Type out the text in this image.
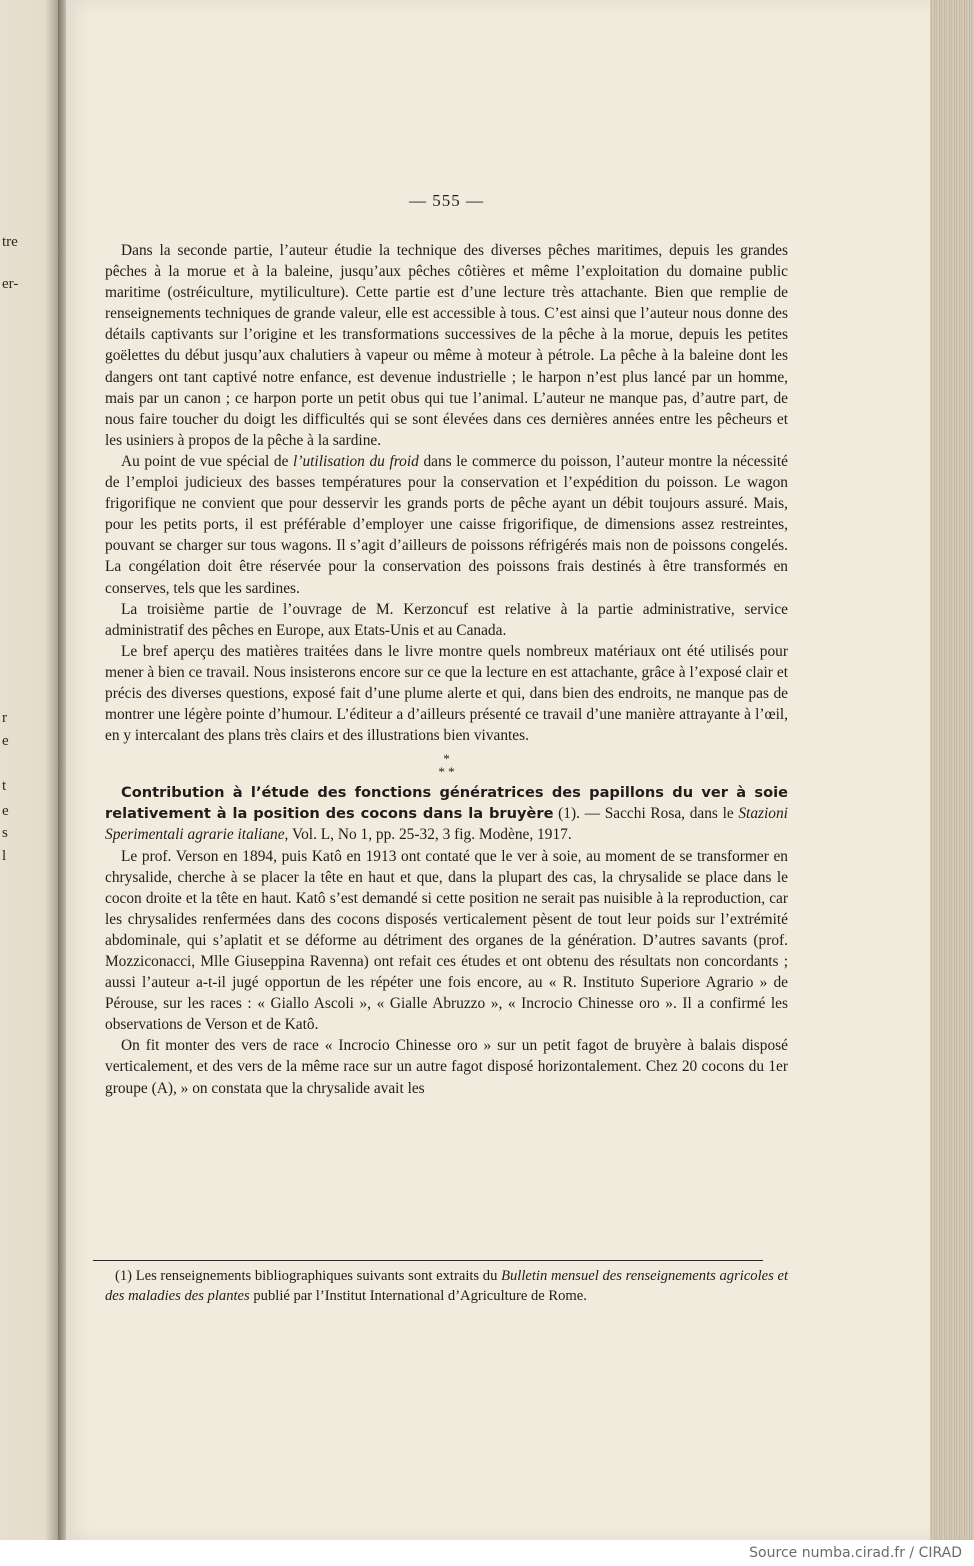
tre
er-
r
e
t
e
s
l
— 555 —

Dans la seconde partie, l’auteur étudie la technique des diverses pêches maritimes, depuis les grandes pêches à la morue et à la baleine, jusqu’aux pêches côtières et même l’exploitation du domaine public maritime (ostréiculture, mytiliculture). Cette partie est d’une lecture très attachante. Bien que remplie de renseignements techniques de grande valeur, elle est accessible à tous. C’est ainsi que l’auteur nous donne des détails captivants sur l’origine et les transformations successives de la pêche à la morue, depuis les petites goëlettes du début jusqu’aux chalutiers à vapeur ou même à moteur à pétrole. La pêche à la baleine dont les dangers ont tant captivé notre enfance, est devenue industrielle ; le harpon n’est plus lancé par un homme, mais par un canon ; ce harpon porte un petit obus qui tue l’animal. L’auteur ne manque pas, d’autre part, de nous faire toucher du doigt les difficultés qui se sont élevées dans ces dernières années entre les pêcheurs et les usiniers à propos de la pêche à la sardine.

Au point de vue spécial de l’utilisation du froid dans le commerce du poisson, l’auteur montre la nécessité de l’emploi judicieux des basses températures pour la conservation et l’expédition du poisson. Le wagon frigorifique ne convient que pour desservir les grands ports de pêche ayant un débit toujours assuré. Mais, pour les petits ports, il est préférable d’employer une caisse frigorifique, de dimensions assez restreintes, pouvant se charger sur tous wagons. Il s’agit d’ailleurs de poissons réfrigérés mais non de poissons congelés. La congélation doit être réservée pour la conservation des poissons frais destinés à être transformés en conserves, tels que les sardines.

La troisième partie de l’ouvrage de M. Kerzoncuf est relative à la partie administrative, service administratif des pêches en Europe, aux Etats-Unis et au Canada.

Le bref aperçu des matières traitées dans le livre montre quels nombreux matériaux ont été utilisés pour mener à bien ce travail. Nous insisterons encore sur ce que la lecture en est attachante, grâce à l’exposé clair et précis des diverses questions, exposé fait d’une plume alerte et qui, dans bien des endroits, ne manque pas de montrer une légère pointe d’humour. L’éditeur a d’ailleurs présenté ce travail d’une manière attrayante à l’œil, en y intercalant des plans très clairs et des illustrations bien vivantes.

*
* *

Contribution à l’étude des fonctions génératrices des papillons du ver à soie relativement à la position des cocons dans la bruyère (1). — Sacchi Rosa, dans le Stazioni Sperimentali agrarie italiane, Vol. L, No 1, pp. 25-32, 3 fig. Modène, 1917.

Le prof. Verson en 1894, puis Katô en 1913 ont contaté que le ver à soie, au moment de se transformer en chrysalide, cherche à se placer la tête en haut et que, dans la plupart des cas, la chrysalide se place dans le cocon droite et la tête en haut. Katô s’est demandé si cette position ne serait pas nuisible à la reproduction, car les chrysalides renfermées dans des cocons disposés verticalement pèsent de tout leur poids sur l’extrémité abdominale, qui s’aplatit et se déforme au détriment des organes de la génération. D’autres savants (prof. Mozziconacci, Mlle Giuseppina Ravenna) ont refait ces études et ont obtenu des résultats non concordants ; aussi l’auteur a-t-il jugé opportun de les répéter une fois encore, au « R. Instituto Superiore Agrario » de Pérouse, sur les races : « Giallo Ascoli », « Gialle Abruzzo », « Incrocio Chinesse oro ». Il a confirmé les observations de Verson et de Katô.

On fit monter des vers de race « Incrocio Chinesse oro » sur un petit fagot de bruyère à balais disposé verticalement, et des vers de la même race sur un autre fagot disposé horizontalement. Chez 20 cocons du 1er groupe (A), » on constata que la chrysalide avait les

(1) Les renseignements bibliographiques suivants sont extraits du Bulletin mensuel des renseignements agricoles et des maladies des plantes publié par l’Institut International d’Agriculture de Rome.
Source numba.cirad.fr / CIRAD
